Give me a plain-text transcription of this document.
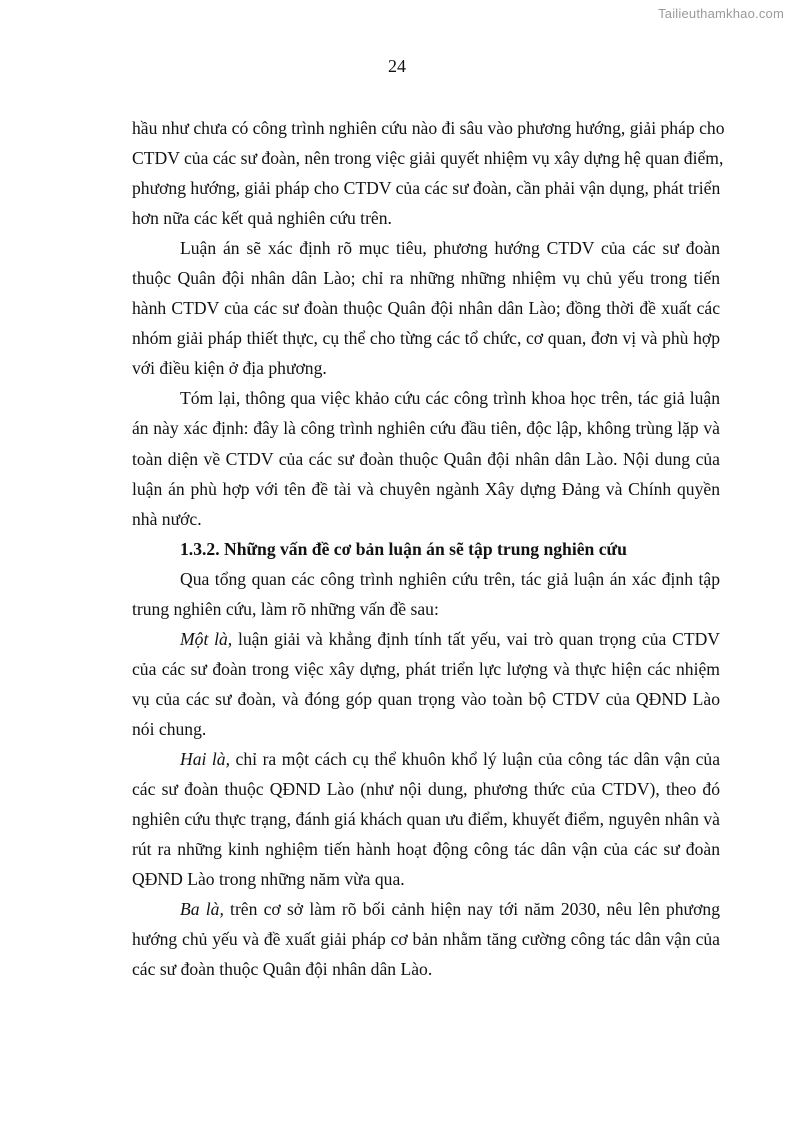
Tailieuthamkhao.com
24
hầu như chưa có công trình nghiên cứu nào đi sâu vào phương hướng, giải pháp cho
CTDV của các sư đoàn, nên trong việc giải quyết nhiệm vụ xây dựng hệ quan điểm,
phương hướng, giải pháp cho CTDV của các sư đoàn, cần phải vận dụng, phát triển
hơn nữa các kết quả nghiên cứu trên.
Luận án sẽ xác định rõ mục tiêu, phương hướng CTDV của các sư đoàn
thuộc Quân đội nhân dân Lào; chỉ ra những những nhiệm vụ chủ yếu trong tiến
hành CTDV của các sư đoàn thuộc Quân đội nhân dân Lào; đồng thời đề xuất các
nhóm giải pháp thiết thực, cụ thể cho từng các tổ chức, cơ quan, đơn vị và phù hợp
với điều kiện ở địa phương.
Tóm lại, thông qua việc khảo cứu các công trình khoa học trên, tác giả luận
án này xác định: đây là công trình nghiên cứu đầu tiên, độc lập, không trùng lặp và
toàn diện về CTDV của các sư đoàn thuộc Quân đội nhân dân Lào. Nội dung của
luận án phù hợp với tên đề tài và chuyên ngành Xây dựng Đảng và Chính quyền
nhà nước.
1.3.2. Những vấn đề cơ bản luận án sẽ tập trung nghiên cứu
Qua tổng quan các công trình nghiên cứu trên, tác giả luận án xác định tập
trung nghiên cứu, làm rõ những vấn đề sau:
Một là, luận giải và khẳng định tính tất yếu, vai trò quan trọng của CTDV
của các sư đoàn trong việc xây dựng, phát triển lực lượng và thực hiện các nhiệm
vụ của các sư đoàn, và đóng góp quan trọng vào toàn bộ CTDV của QĐND Lào
nói chung.
Hai là, chỉ ra một cách cụ thể khuôn khổ lý luận của công tác dân vận của
các sư đoàn thuộc QĐND Lào (như nội dung, phương thức của CTDV), theo đó
nghiên cứu thực trạng, đánh giá khách quan ưu điểm, khuyết điểm, nguyên nhân và
rút ra những kinh nghiệm tiến hành hoạt động công tác dân vận của các sư đoàn
QĐND Lào trong những năm vừa qua.
Ba là, trên cơ sở làm rõ bối cảnh hiện nay tới năm 2030, nêu lên phương
hướng chủ yếu và đề xuất giải pháp cơ bản nhằm tăng cường công tác dân vận của
các sư đoàn thuộc Quân đội nhân dân Lào.
